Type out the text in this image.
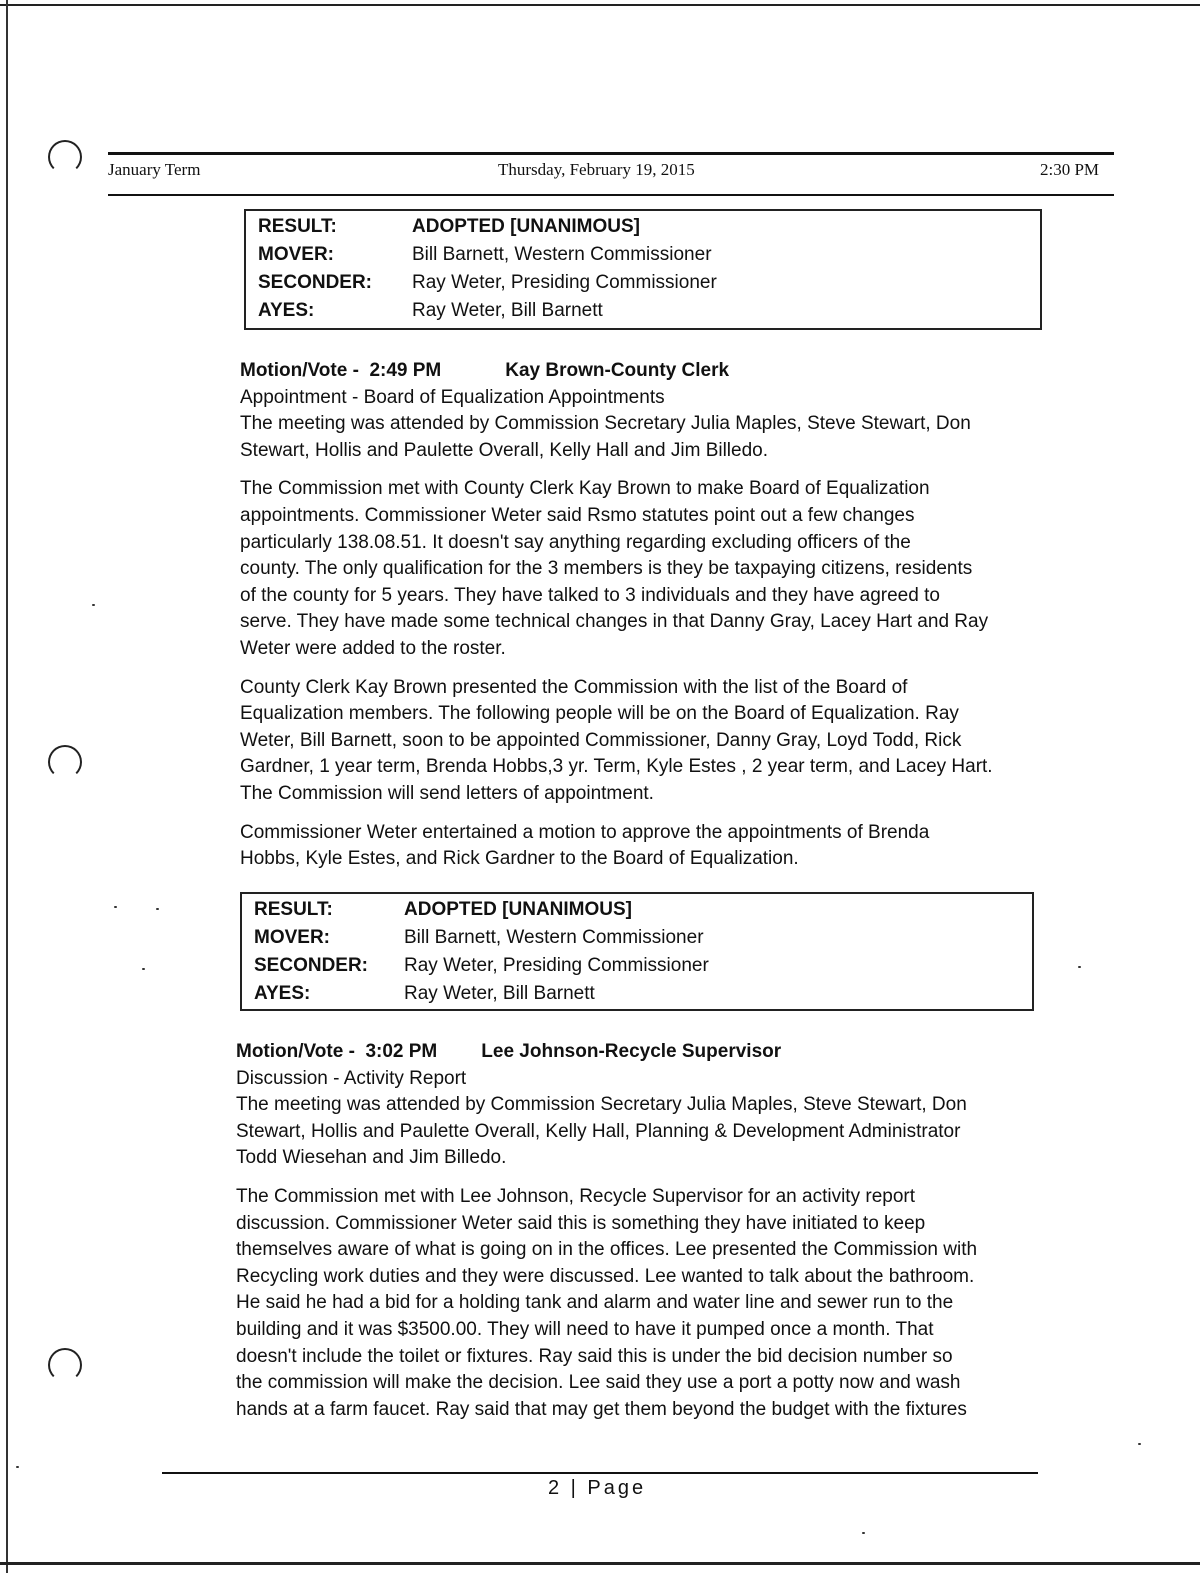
January Term	Thursday, February 19, 2015	2:30 PM
RESULT:	ADOPTED [UNANIMOUS]
MOVER:	Bill Barnett, Western Commissioner
SECONDER:	Ray Weter, Presiding Commissioner
AYES:	Ray Weter, Bill Barnett
Motion/Vote -  2:49 PM	Kay Brown-County Clerk
Appointment - Board of Equalization Appointments
The meeting was attended by Commission Secretary Julia Maples, Steve Stewart, Don
Stewart, Hollis and Paulette Overall, Kelly Hall and Jim Billedo.
The Commission met with County Clerk Kay Brown to make Board of Equalization
appointments. Commissioner Weter said Rsmo statutes point out a few changes
particularly 138.08.51. It doesn't say anything regarding excluding officers of the
county. The only qualification for the 3 members is they be taxpaying citizens, residents
of the county for 5 years. They have talked to 3 individuals and they have agreed to
serve. They have made some technical changes in that Danny Gray, Lacey Hart and Ray
Weter were added to the roster.
County Clerk Kay Brown presented the Commission with the list of the Board of
Equalization members. The following people will be on the Board of Equalization. Ray
Weter, Bill Barnett, soon to be appointed Commissioner, Danny Gray, Loyd Todd, Rick
Gardner, 1 year term, Brenda Hobbs,3 yr. Term, Kyle Estes , 2 year term, and Lacey Hart.
The Commission will send letters of appointment.
Commissioner Weter entertained a motion to approve the appointments of Brenda
Hobbs, Kyle Estes, and Rick Gardner to the Board of Equalization.
RESULT:	ADOPTED [UNANIMOUS]
MOVER:	Bill Barnett, Western Commissioner
SECONDER:	Ray Weter, Presiding Commissioner
AYES:	Ray Weter, Bill Barnett
Motion/Vote -  3:02 PM Lee Johnson-Recycle Supervisor
Discussion - Activity Report
The meeting was attended by Commission Secretary Julia Maples, Steve Stewart, Don
Stewart, Hollis and Paulette Overall, Kelly Hall, Planning & Development Administrator
Todd Wiesehan and Jim Billedo.
The Commission met with Lee Johnson, Recycle Supervisor for an activity report
discussion. Commissioner Weter said this is something they have initiated to keep
themselves aware of what is going on in the offices. Lee presented the Commission with
Recycling work duties and they were discussed. Lee wanted to talk about the bathroom.
He said he had a bid for a holding tank and alarm and water line and sewer run to the
building and it was $3500.00. They will need to have it pumped once a month. That
doesn't include the toilet or fixtures. Ray said this is under the bid decision number so
the commission will make the decision. Lee said they use a port a potty now and wash
hands at a farm faucet. Ray said that may get them beyond the budget with the fixtures
2 | Page
